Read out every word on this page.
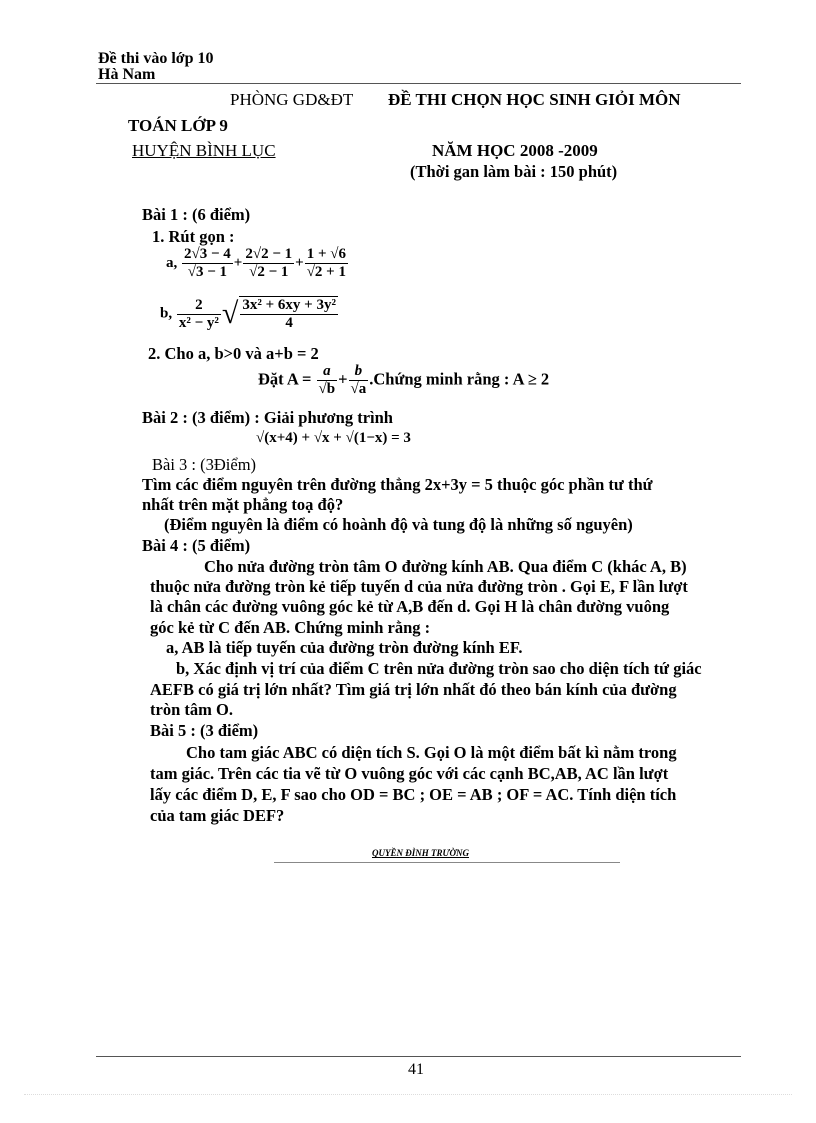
Đề thi vào lớp 10
Hà Nam
PHÒNG GD&ĐT ĐỀ THI CHỌN HỌC SINH GIỎI MÔN
TOÁN LỚP 9
HUYỆN BÌNH LỤC	NĂM HỌC 2008 -2009
(Thời gan làm bài : 150 phút)
Bài 1 : (6 điểm)
1. Rút gọn :
a, $\frac{2√3 - 4}{√3 - 1} + \frac{2√2 - 1}{√2 - 1} + \frac{1 + √6}{√2 + 1}$
b, $\frac{2}{\text{x² − y²}}$ √ $\frac{\text{3x² + 6xy + 3y²}}{4}$
2. Cho a, b>0 và a+b = 2
Đặt $A = \frac{a}{√b} + \frac{b}{√a}$ .Chứng minh rằng : A ≥ 2
Bài 2 : (3 điểm) : Giải phương trình
√(x+4) + √x + √(1−x) = 3
Bài 3 : (3Điểm)
Tìm các điểm nguyên trên đường thẳng 2x+3y = 5 thuộc góc phần tư thứ
nhất trên mặt phẳng toạ độ?
(Điểm nguyên là điểm có hoành độ và tung độ là những số nguyên)
Bài 4 : (5 điểm)
Cho nửa đường tròn tâm O đường kính AB. Qua điểm C (khác A, B)
thuộc nửa đường tròn kẻ tiếp tuyến d của nửa đường tròn . Gọi E, F lần lượt
là chân các đường vuông góc kẻ từ A,B đến d. Gọi H là chân đường vuông
góc kẻ từ C đến AB. Chứng minh rằng :
a, AB là tiếp tuyến của đường tròn đường kính EF.
b, Xác định vị trí của điểm C trên nửa đường tròn sao cho diện tích tứ giác
AEFB có giá trị lớn nhất? Tìm giá trị lớn nhất đó theo bán kính của đường
tròn tâm O.
Bài 5 : (3 điểm)
Cho tam giác ABC có diện tích S. Gọi O là một điểm bất kì nằm trong
tam giác. Trên các tia vẽ từ O vuông góc với các cạnh BC,AB, AC lần lượt
lấy các điểm D, E, F sao cho OD = BC ; OE = AB ; OF = AC. Tính diện tích
của tam giác DEF?
QUYỀN ĐÌNH TRƯỜNG
41
